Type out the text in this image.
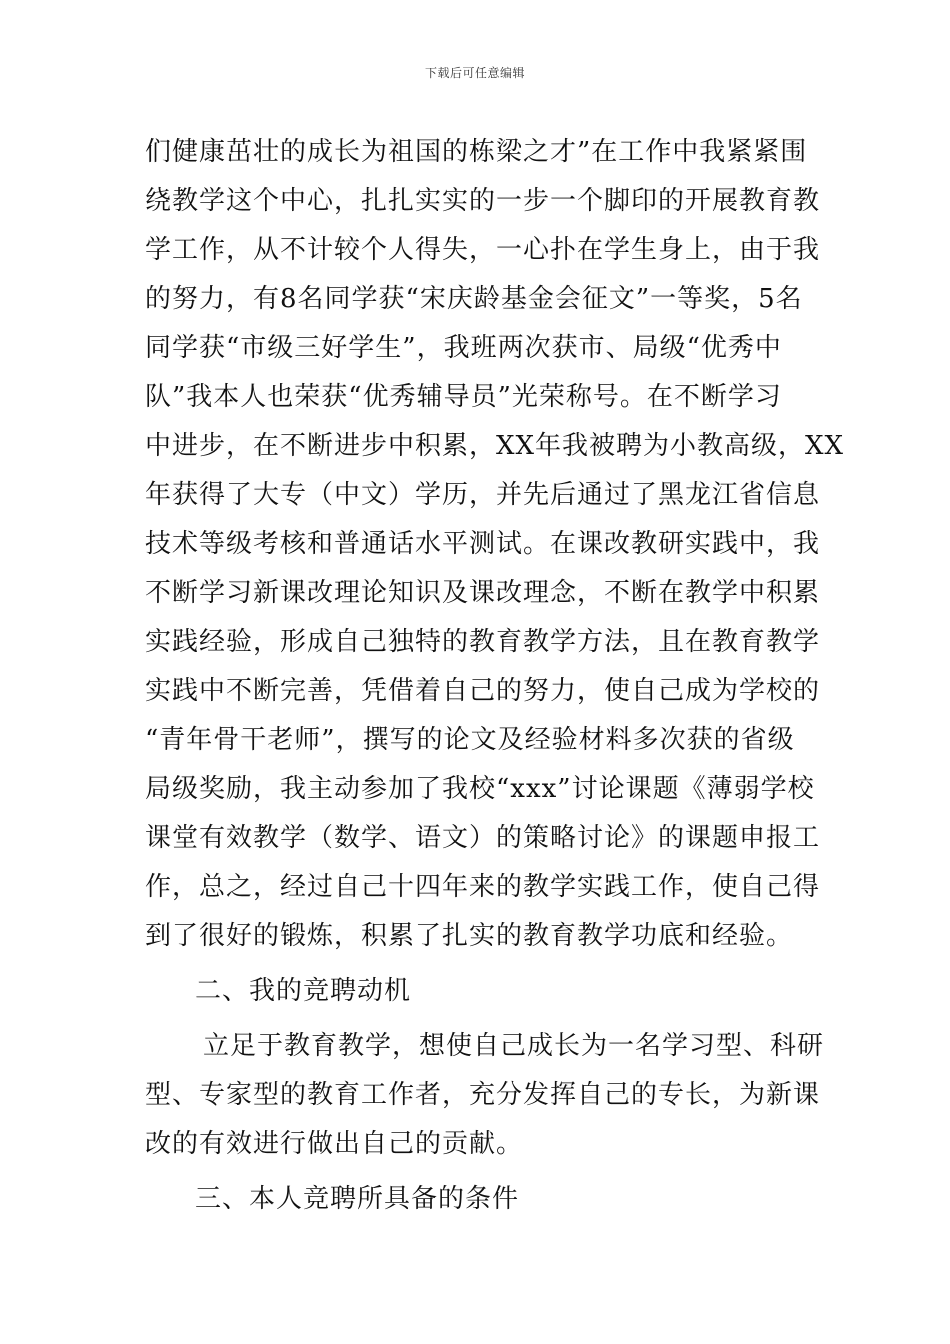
下载后可任意编辑
们健康茁壮的成长为祖国的栋梁之才”在工作中我紧紧围
绕教学这个中心，扎扎实实的一步一个脚印的开展教育教
学工作，从不计较个人得失，一心扑在学生身上，由于我
的努力，有8名同学获“宋庆龄基金会征文”一等奖，5名
同学获“市级三好学生”，我班两次获市、局级“优秀中
队”我本人也荣获“优秀辅导员”光荣称号。在不断学习
中进步，在不断进步中积累，XX年我被聘为小教高级，XX
年获得了大专（中文）学历，并先后通过了黑龙江省信息
技术等级考核和普通话水平测试。在课改教研实践中，我
不断学习新课改理论知识及课改理念，不断在教学中积累
实践经验，形成自己独特的教育教学方法，且在教育教学
实践中不断完善，凭借着自己的努力，使自己成为学校的
“青年骨干老师”，撰写的论文及经验材料多次获的省级
局级奖励，我主动参加了我校“xxx”讨论课题《薄弱学校
课堂有效教学（数学、语文）的策略讨论》的课题申报工
作，总之，经过自己十四年来的教学实践工作，使自己得
到了很好的锻炼，积累了扎实的教育教学功底和经验。
二、我的竞聘动机
立足于教育教学，想使自己成长为一名学习型、科研
型、专家型的教育工作者，充分发挥自己的专长，为新课
改的有效进行做出自己的贡献。
三、本人竞聘所具备的条件
